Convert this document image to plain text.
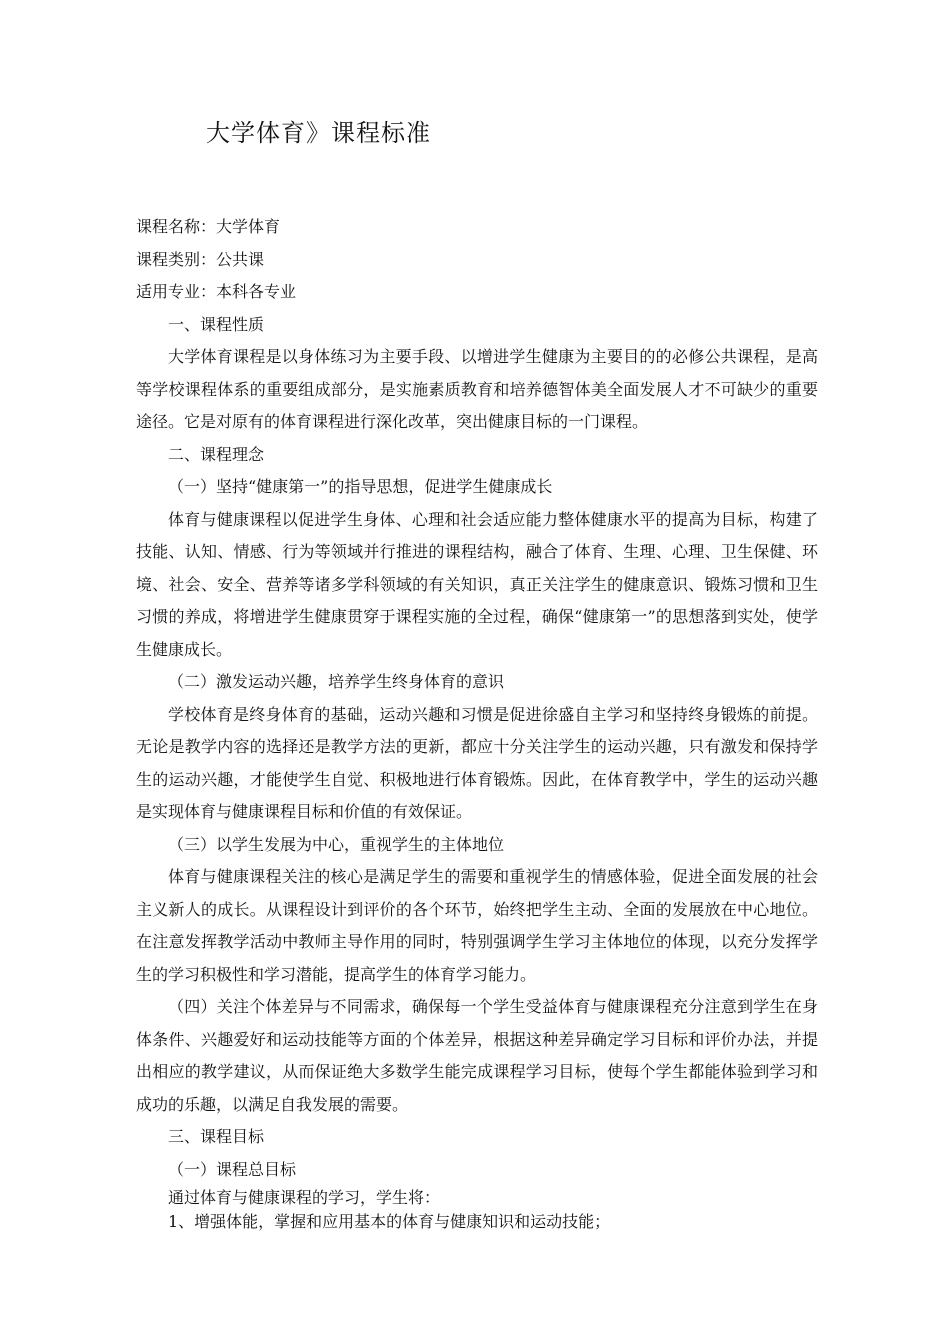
大学体育》课程标准

课程名称：大学体育

课程类别：公共课

适用专业：本科各专业

一、课程性质

大学体育课程是以身体练习为主要手段、以增进学生健康为主要目的的必修公共课程，是高等学校课程体系的重要组成部分，是实施素质教育和培养德智体美全面发展人才不可缺少的重要途径。它是对原有的体育课程进行深化改革，突出健康目标的一门课程。

二、课程理念

（一）坚持“健康第一”的指导思想，促进学生健康成长

体育与健康课程以促进学生身体、心理和社会适应能力整体健康水平的提高为目标，构建了技能、认知、情感、行为等领域并行推进的课程结构，融合了体育、生理、心理、卫生保健、环境、社会、安全、营养等诸多学科领域的有关知识，真正关注学生的健康意识、锻炼习惯和卫生习惯的养成，将增进学生健康贯穿于课程实施的全过程，确保“健康第一”的思想落到实处，使学生健康成长。

（二）激发运动兴趣，培养学生终身体育的意识

学校体育是终身体育的基础，运动兴趣和习惯是促进徐盛自主学习和坚持终身锻炼的前提。无论是教学内容的选择还是教学方法的更新，都应十分关注学生的运动兴趣，只有激发和保持学生的运动兴趣，才能使学生自觉、积极地进行体育锻炼。因此，在体育教学中，学生的运动兴趣是实现体育与健康课程目标和价值的有效保证。

（三）以学生发展为中心，重视学生的主体地位

体育与健康课程关注的核心是满足学生的需要和重视学生的情感体验，促进全面发展的社会主义新人的成长。从课程设计到评价的各个环节，始终把学生主动、全面的发展放在中心地位。在注意发挥教学活动中教师主导作用的同时，特别强调学生学习主体地位的体现，以充分发挥学生的学习积极性和学习潜能，提高学生的体育学习能力。

（四）关注个体差异与不同需求，确保每一个学生受益体育与健康课程充分注意到学生在身体条件、兴趣爱好和运动技能等方面的个体差异，根据这种差异确定学习目标和评价办法，并提出相应的教学建议，从而保证绝大多数学生能完成课程学习目标，使每个学生都能体验到学习和成功的乐趣，以满足自我发展的需要。

三、课程目标

（一）课程总目标

通过体育与健康课程的学习，学生将：

1、增强体能，掌握和应用基本的体育与健康知识和运动技能；
